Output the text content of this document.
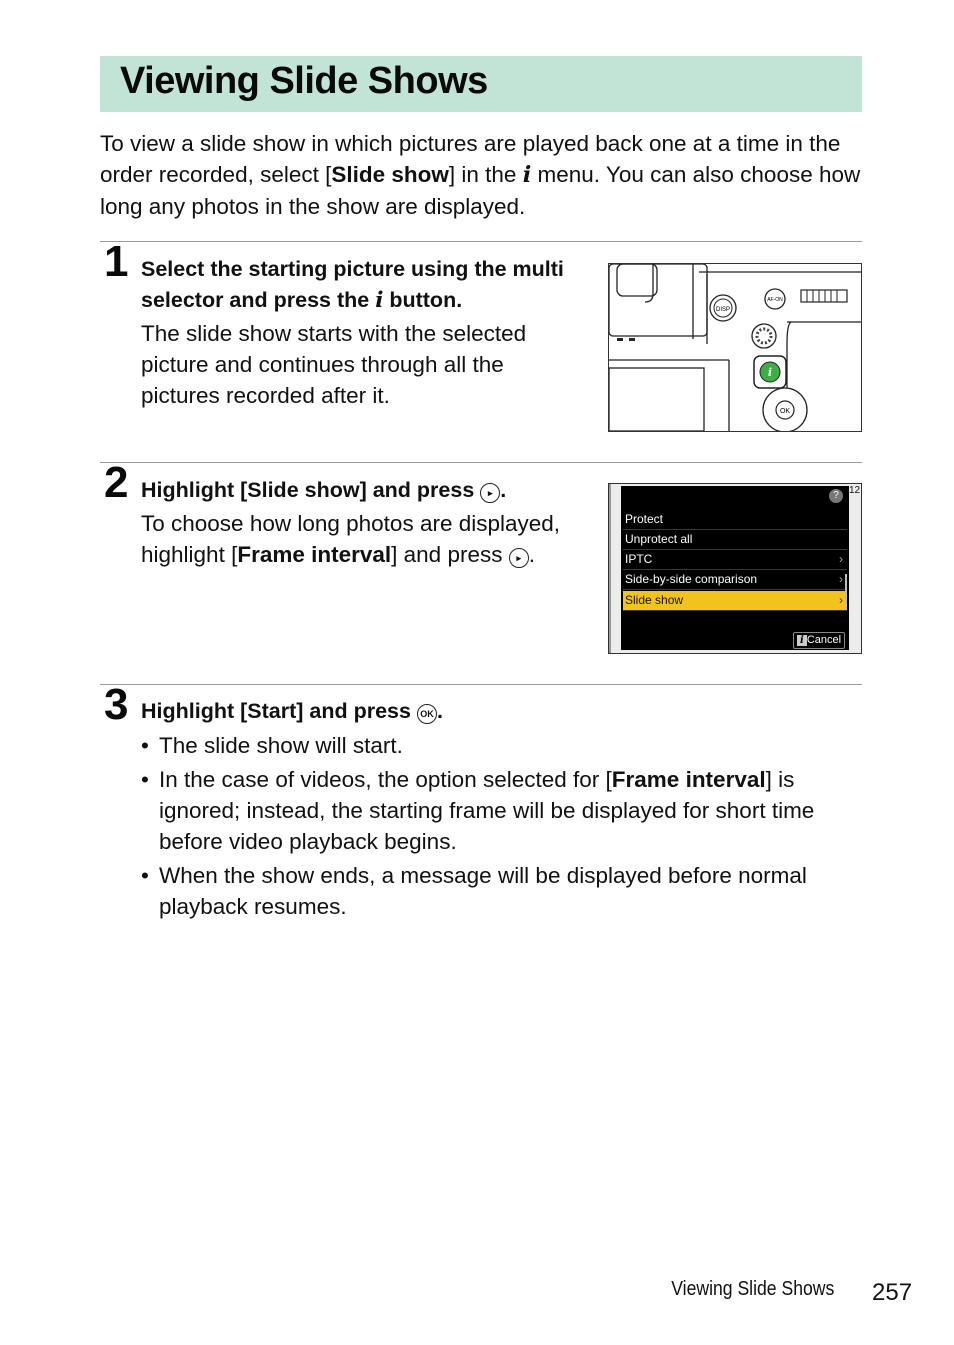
Viewing Slide Shows

To view a slide show in which pictures are played back one at a time in the order recorded, select [Slide show] in the i menu. You can also choose how long any photos in the show are displayed.

1 Select the starting picture using the multi selector and press the i button.
The slide show starts with the selected picture and continues through all the pictures recorded after it.
DISP
AF-ON
i
OK
2 Highlight [Slide show] and press ▸ .
To choose how long photos are displayed, highlight [Frame interval] and press ▸ .
?	12
Protect
Unprotect all
IPTC	›
Side-by-side comparison	›
Slide show	›
i Cancel
3 Highlight [Start] and press OK .
• The slide show will start.
• In the case of videos, the option selected for [Frame interval] is ignored; instead, the starting frame will be displayed for short time before video playback begins.
• When the show ends, a message will be displayed before normal playback resumes.
Viewing Slide Shows 257
